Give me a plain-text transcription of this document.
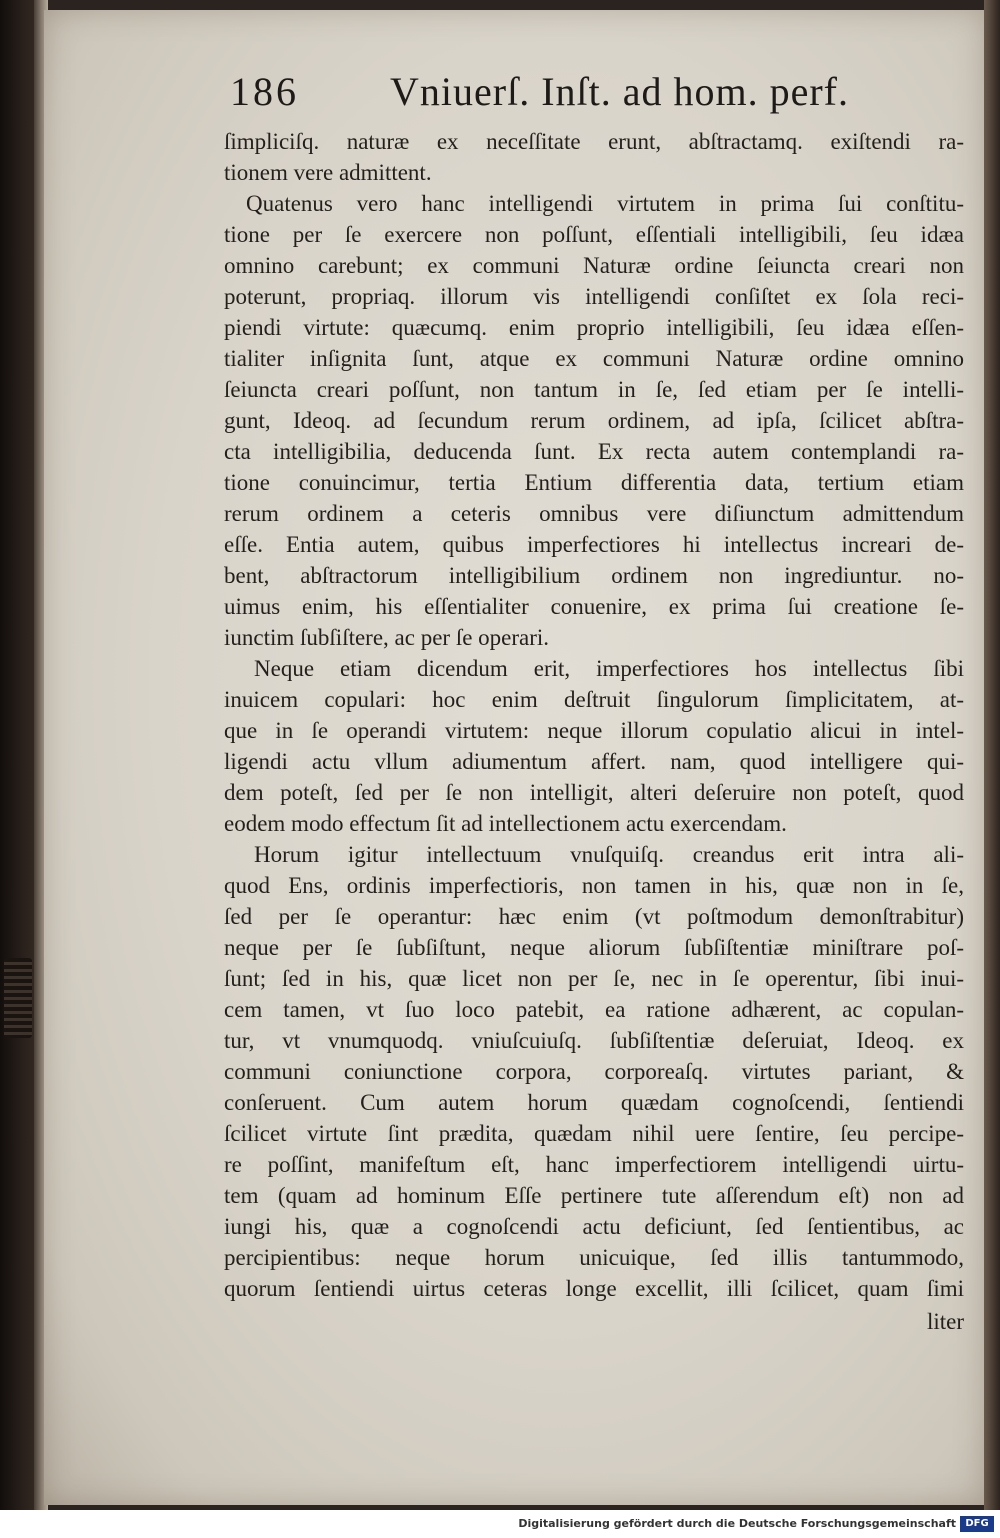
186 Vniuerſ. Inſt. ad hom. perf.
ſimpliciſq. naturæ ex neceſſitate erunt, abſtractamq. exiſtendi ra-
tionem vere admittent.
Quatenus vero hanc intelligendi virtutem in prima ſui conſtitu-
tione per ſe exercere non poſſunt, eſſentiali intelligibili, ſeu idæa
omnino carebunt; ex communi Naturæ ordine ſeiuncta creari non
poterunt, propriaq. illorum vis intelligendi conſiſtet ex ſola reci-
piendi virtute: quæcumq. enim proprio intelligibili, ſeu idæa eſſen-
tialiter inſignita ſunt, atque ex communi Naturæ ordine omnino
ſeiuncta creari poſſunt, non tantum in ſe, ſed etiam per ſe intelli-
gunt, Ideoq. ad ſecundum rerum ordinem, ad ipſa, ſcilicet abſtra-
cta intelligibilia, deducenda ſunt. Ex recta autem contemplandi ra-
tione conuincimur, tertia Entium differentia data, tertium etiam
rerum ordinem a ceteris omnibus vere diſiunctum admittendum
eſſe. Entia autem, quibus imperfectiores hi intellectus increari de-
bent, abſtractorum intelligibilium ordinem non ingrediuntur. no-
uimus enim, his eſſentialiter conuenire, ex prima ſui creatione ſe-
iunctim ſubſiſtere, ac per ſe operari.
Neque etiam dicendum erit, imperfectiores hos intellectus ſibi
inuicem copulari: hoc enim deſtruit ſingulorum ſimplicitatem, at-
que in ſe operandi virtutem: neque illorum copulatio alicui in intel-
ligendi actu vllum adiumentum affert. nam, quod intelligere qui-
dem poteſt, ſed per ſe non intelligit, alteri deſeruire non poteſt, quod
eodem modo effectum ſit ad intellectionem actu exercendam.
Horum igitur intellectuum vnuſquiſq. creandus erit intra ali-
quod Ens, ordinis imperfectioris, non tamen in his, quæ non in ſe,
ſed per ſe operantur: hæc enim (vt poſtmodum demonſtrabitur)
neque per ſe ſubſiſtunt, neque aliorum ſubſiſtentiæ miniſtrare poſ-
ſunt; ſed in his, quæ licet non per ſe, nec in ſe operentur, ſibi inui-
cem tamen, vt ſuo loco patebit, ea ratione adhærent, ac copulan-
tur, vt vnumquodq. vniuſcuiuſq. ſubſiſtentiæ deſeruiat, Ideoq. ex
communi coniunctione corpora, corporeaſq. virtutes pariant, &
conſeruent. Cum autem horum quædam cognoſcendi, ſentiendi
ſcilicet virtute ſint prædita, quædam nihil uere ſentire, ſeu percipe-
re poſſint, manifeſtum eſt, hanc imperfectiorem intelligendi uirtu-
tem (quam ad hominum Eſſe pertinere tute aſſerendum eſt) non ad
iungi his, quæ a cognoſcendi actu deficiunt, ſed ſentientibus, ac
percipientibus: neque horum unicuique, ſed illis tantummodo,
quorum ſentiendi uirtus ceteras longe excellit, illi ſcilicet, quam ſimi
liter
Digitalisierung gefördert durch die Deutsche Forschungsgemeinschaft DFG
